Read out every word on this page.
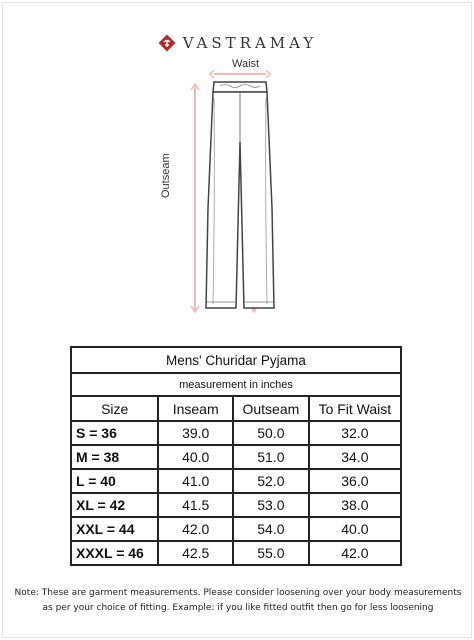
VASTRAMAY
Waist
Outseam
Mens' Churidar Pyjama			
measurement in inches			
Size	Inseam	Outseam	To Fit Waist
S = 36	39.0	50.0	32.0
M = 38	40.0	51.0	34.0
L = 40	41.0	52.0	36.0
XL = 42	41.5	53.0	38.0
XXL = 44	42.0	54.0	40.0
XXXL = 46	42.5	55.0	42.0
Note: These are garment measurements. Please consider loosening over your body measurements
as per your choice of fitting. Example: if you like fitted outfit then go for less loosening
